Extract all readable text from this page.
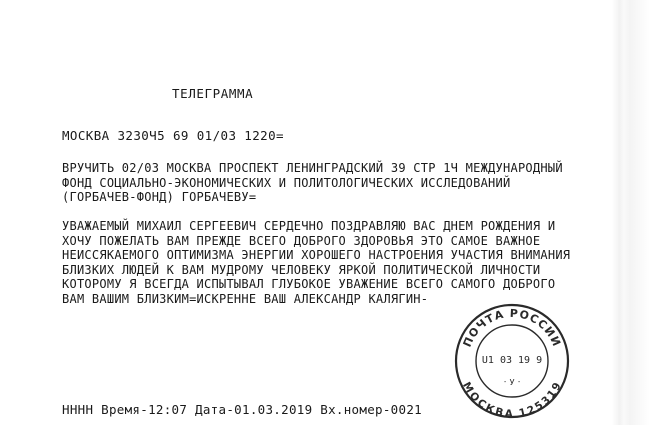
ТЕЛЕГРАММА
МОСКВА 3230Ч5 69 01/03 1220=
ВРУЧИТЬ 02/03 МОСКВА ПРОСПЕКТ ЛЕНИНГРАДСКИЙ 39 СТР 1Ч МЕЖДУНАРОДНЫЙ
ФОНД СОЦИАЛЬНО-ЭКОНОМИЧЕСКИХ И ПОЛИТОЛОГИЧЕСКИХ ИССЛЕДОВАНИЙ
(ГОРБАЧЕВ-ФОНД) ГОРБАЧЕВУ=
УВАЖАЕМЫЙ МИХАИЛ СЕРГЕЕВИЧ СЕРДЕЧНО ПОЗДРАВЛЯЮ ВАС ДНЕМ РОЖДЕНИЯ И
ХОЧУ ПОЖЕЛАТЬ ВАМ ПРЕЖДЕ ВСЕГО ДОБРОГО ЗДОРОВЬЯ ЭТО САМОЕ ВАЖНОЕ
НЕИССЯКАЕМОГО ОПТИМИЗМА ЭНЕРГИИ ХОРОШЕГО НАСТРОЕНИЯ УЧАСТИЯ ВНИМАНИЯ
БЛИЗКИХ ЛЮДЕЙ К ВАМ МУДРОМУ ЧЕЛОВЕКУ ЯРКОЙ ПОЛИТИЧЕСКОЙ ЛИЧНОСТИ
КОТОРОМУ Я ВСЕГДА ИСПЫТЫВАЛ ГЛУБОКОЕ УВАЖЕНИЕ ВСЕГО САМОГО ДОБРОГО
ВАМ ВАШИМ БЛИЗКИМ=ИСКРЕННЕ ВАШ АЛЕКСАНДР КАЛЯГИН-
НННН Время-12:07 Дата-01.03.2019 Вх.номер-0021
ПОЧТА РОССИИ
МОСКВА 125319
U1 03 19 9
У
- -
